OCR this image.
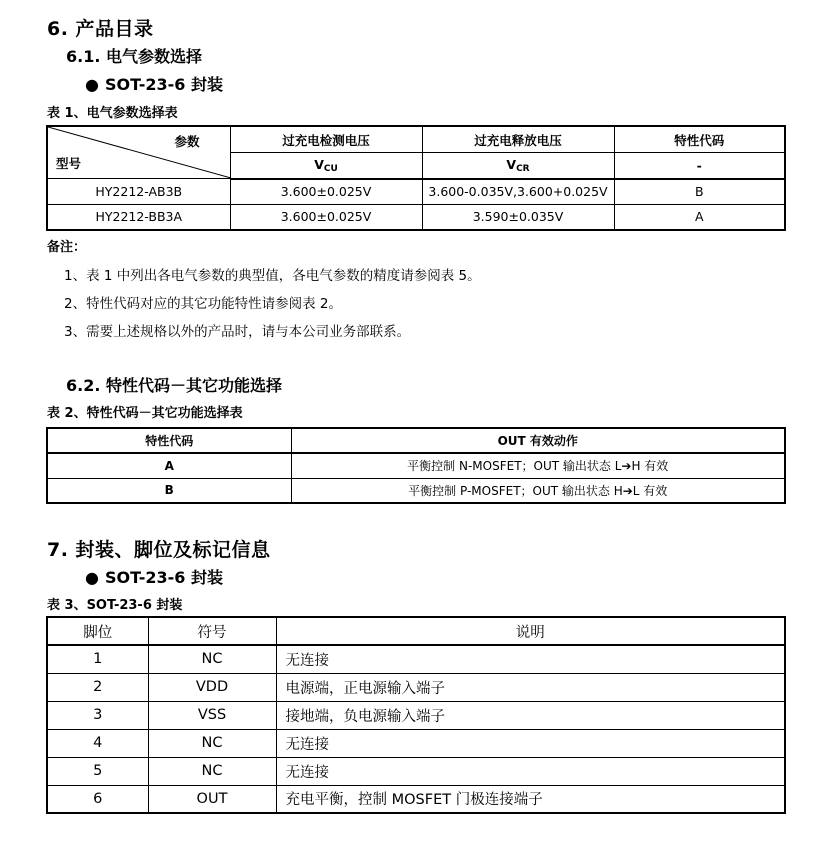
6. 产品目录
6.1. 电气参数选择
● SOT-23-6 封装
表 1、电气参数选择表
参数
型号	过充电检测电压	过充电释放电压	特性代码
	$V_{CU}$	$V_{CR}$	-
HY2212-AB3B	3.600±0.025V	3.600-0.035V,3.600+0.025V	B
HY2212-BB3A	3.600±0.025V	3.590±0.035V	A
备注：
1、表 1 中列出各电气参数的典型值，各电气参数的精度请参阅表 5。
2、特性代码对应的其它功能特性请参阅表 2。
3、需要上述规格以外的产品时，请与本公司业务部联系。
6.2. 特性代码－其它功能选择
表 2、特性代码－其它功能选择表
特性代码	OUT 有效动作
A	平衡控制 N-MOSFET；OUT 输出状态 L➔H 有效
B	平衡控制 P-MOSFET；OUT 输出状态 H➔L 有效
7. 封装、脚位及标记信息
● SOT-23-6 封装
表 3、SOT-23-6 封装
脚位	符号	说明
1	NC	无连接
2	VDD	电源端，正电源输入端子
3	VSS	接地端，负电源输入端子
4	NC	无连接
5	NC	无连接
6	OUT	充电平衡，控制 MOSFET 门极连接端子
